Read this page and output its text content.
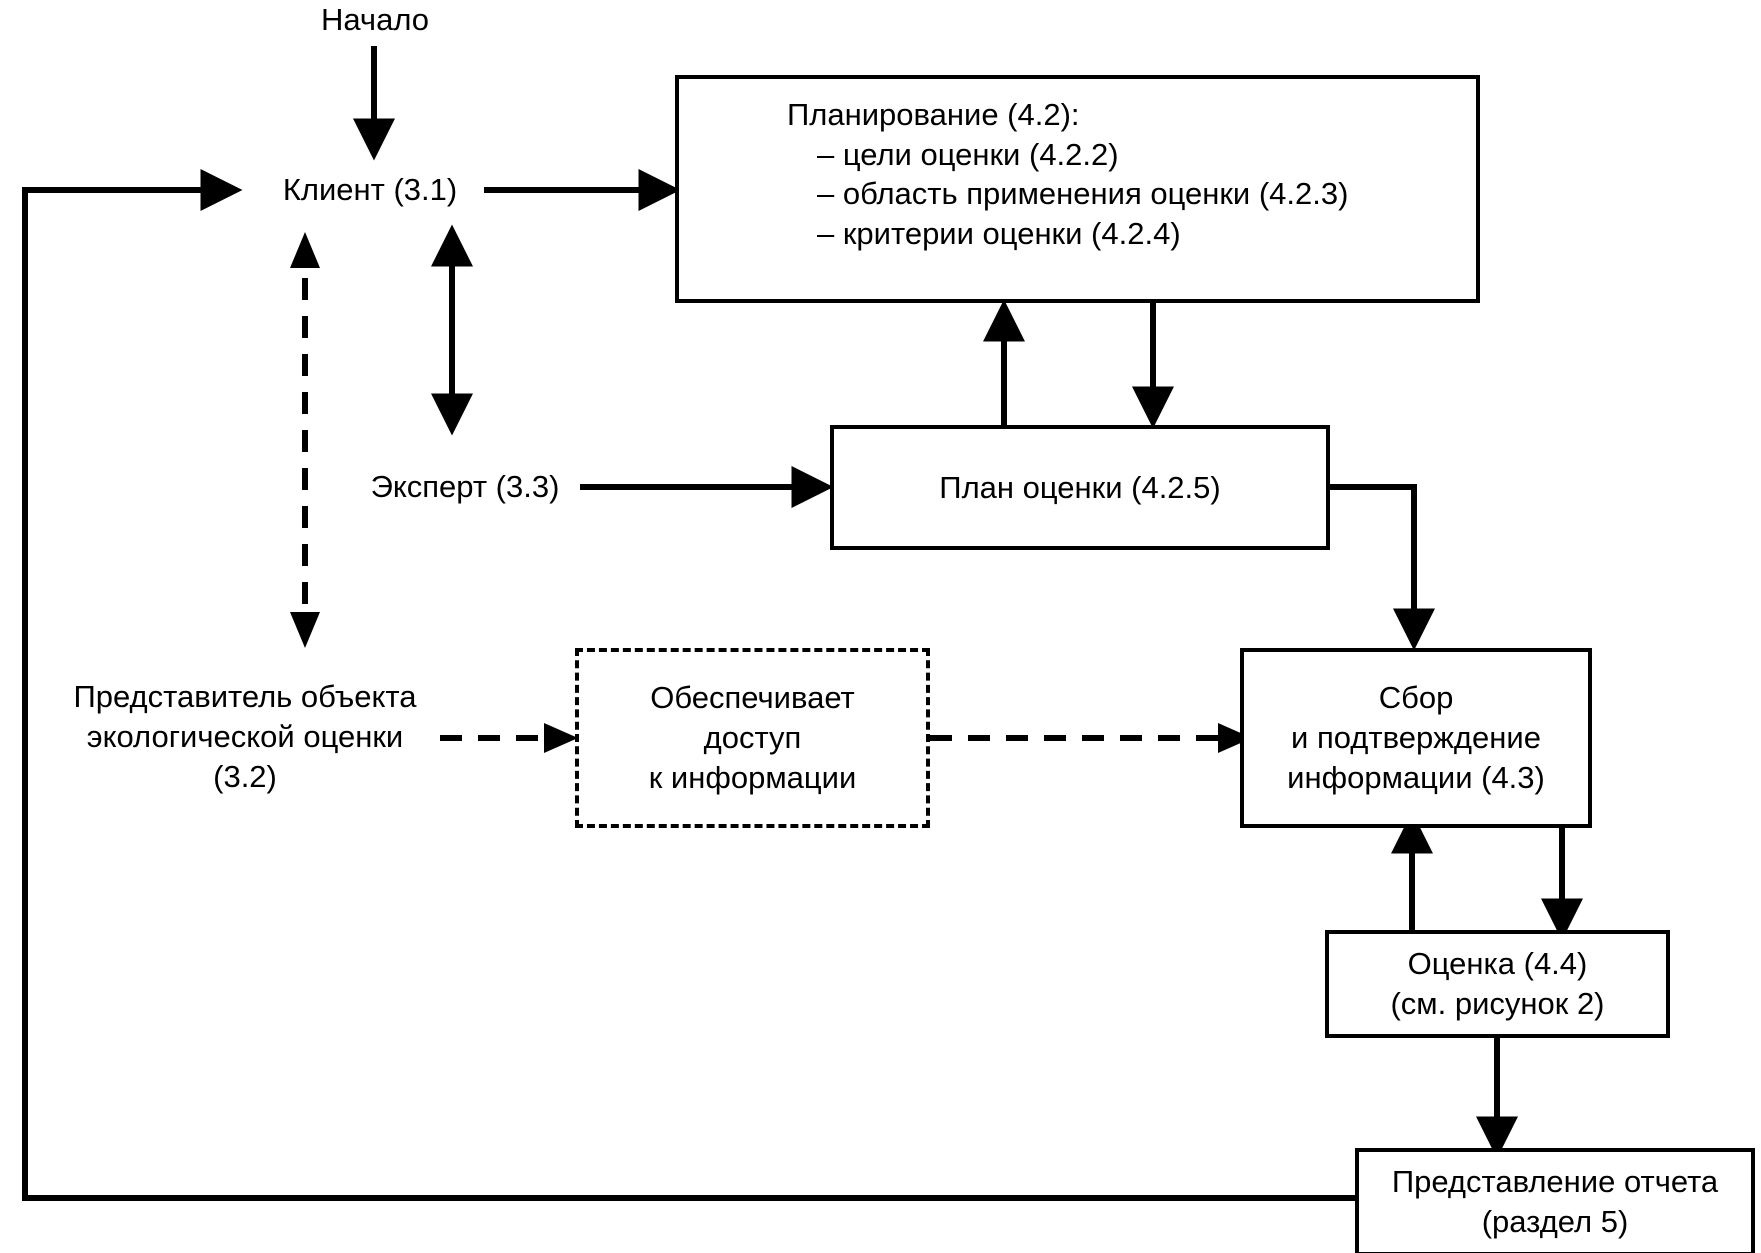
Начало
Клиент (3.1)
Эксперт (3.3)
Представитель объекта
экологической оценки
(3.2)
Планирование (4.2):
– цели оценки (4.2.2)
– область применения оценки (4.2.3)
– критерии оценки (4.2.4)
План оценки (4.2.5)
Обеспечивает
доступ
к информации
Сбор
и подтверждение
информации (4.3)
Оценка (4.4)
(см. рисунок 2)
Представление отчета
(раздел 5)
